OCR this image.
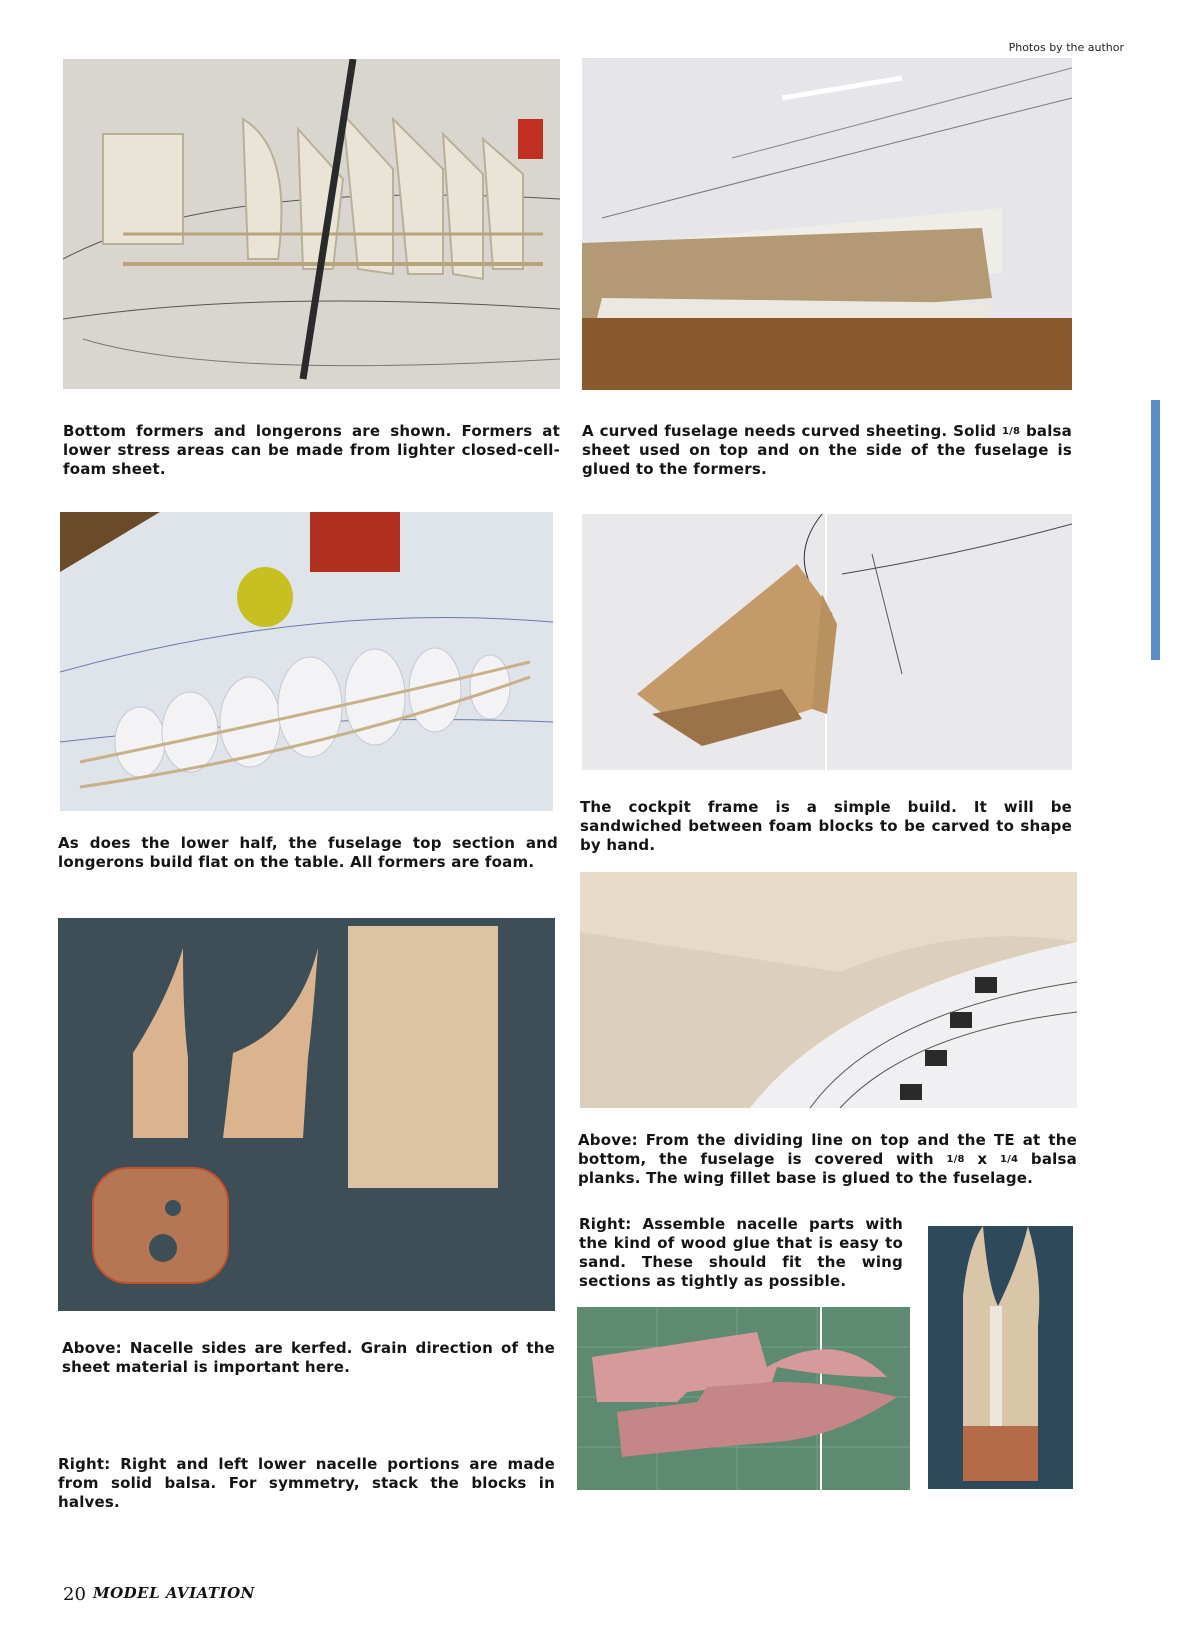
Photos by the author
Bottom formers and longerons are shown. Formers at lower stress areas can be made from lighter closed-cell-foam sheet.
A curved fuselage needs curved sheeting. Solid $^{1/8}$ balsa sheet used on top and on the side of the fuselage is glued to the formers.
The cockpit frame is a simple build. It will be sandwiched between foam blocks to be carved to shape by hand.
As does the lower half, the fuselage top section and longerons build flat on the table. All formers are foam.
Above: From the dividing line on top and the TE at the bottom, the fuselage is covered with $^{1/8}$ x $^{1/4}$ balsa planks. The wing fillet base is glued to the fuselage.
Right: Assemble nacelle parts with the kind of wood glue that is easy to sand. These should fit the wing sections as tightly as possible.
Above: Nacelle sides are kerfed. Grain direction of the sheet material is important here.
Right: Right and left lower nacelle portions are made from solid balsa. For symmetry, stack the blocks in halves.
20 MODEL AVIATION
